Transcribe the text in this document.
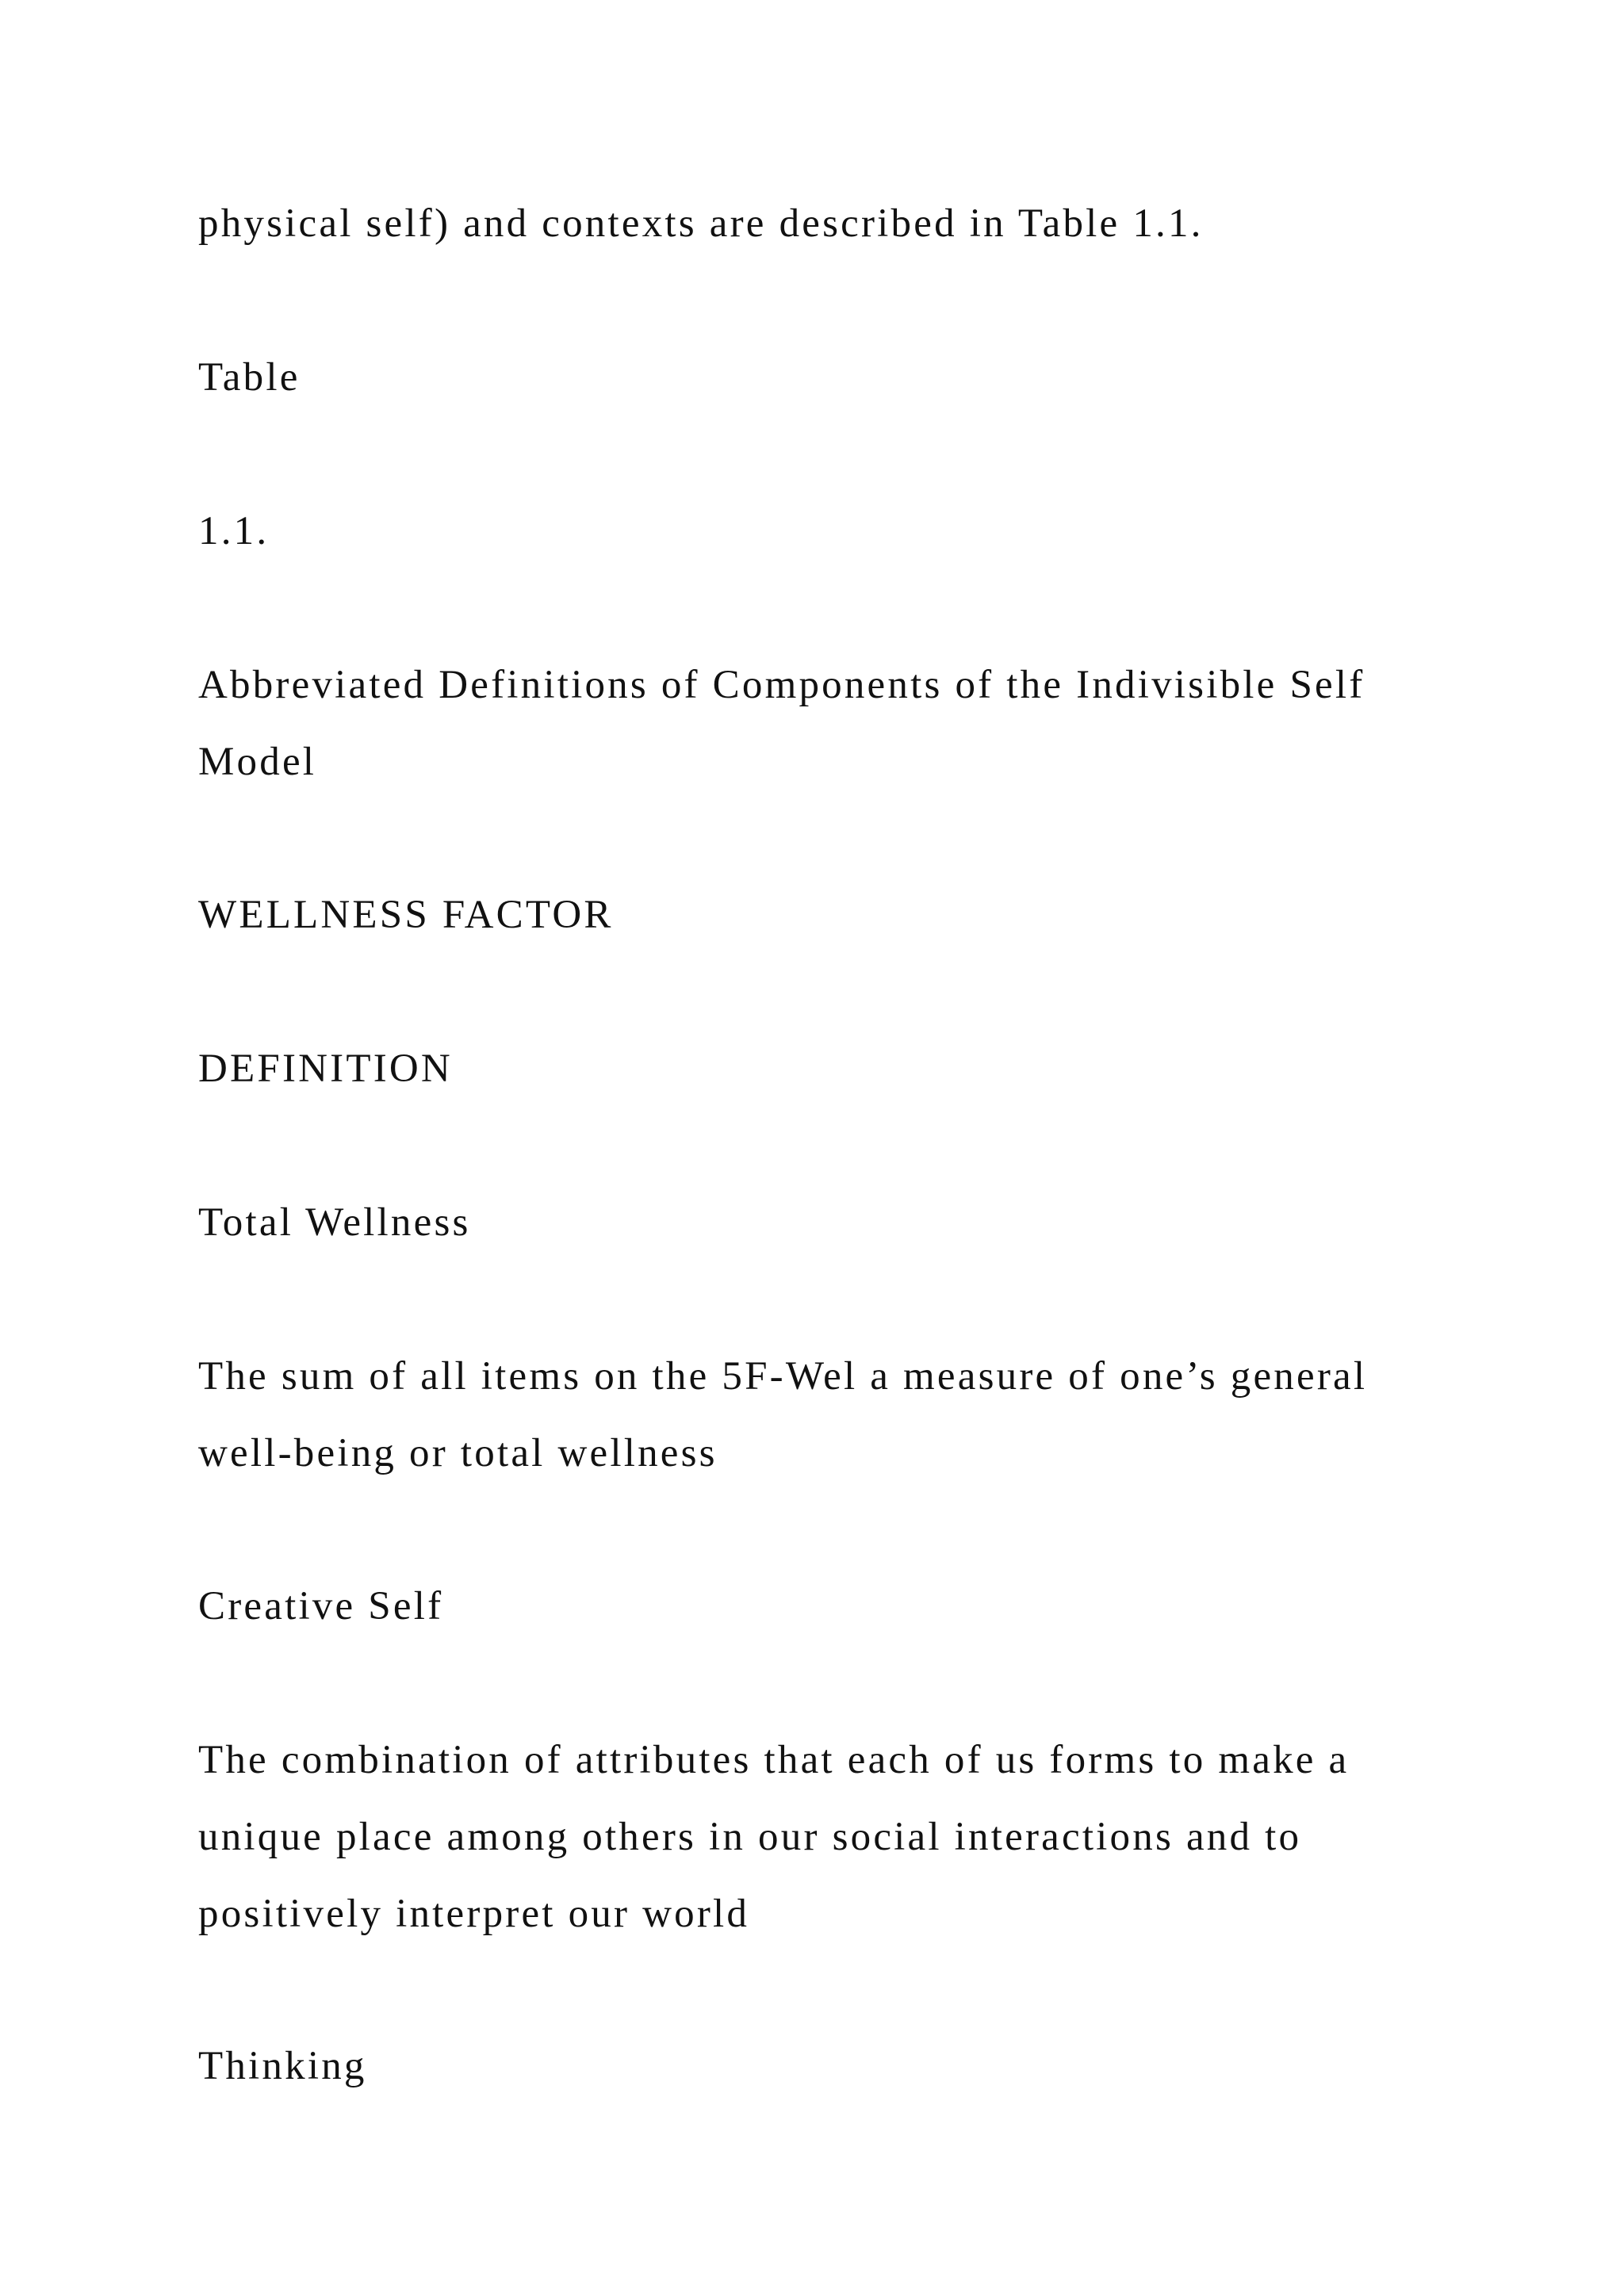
physical self) and contexts are described in Table 1.1.

Table

1.1.

Abbreviated Definitions of Components of the Indivisible Self
Model

WELLNESS FACTOR

DEFINITION

Total Wellness

The sum of all items on the 5F-Wel a measure of one’s general
well-being or total wellness

Creative Self

The combination of attributes that each of us forms to make a
unique place among others in our social interactions and to
positively interpret our world

Thinking
